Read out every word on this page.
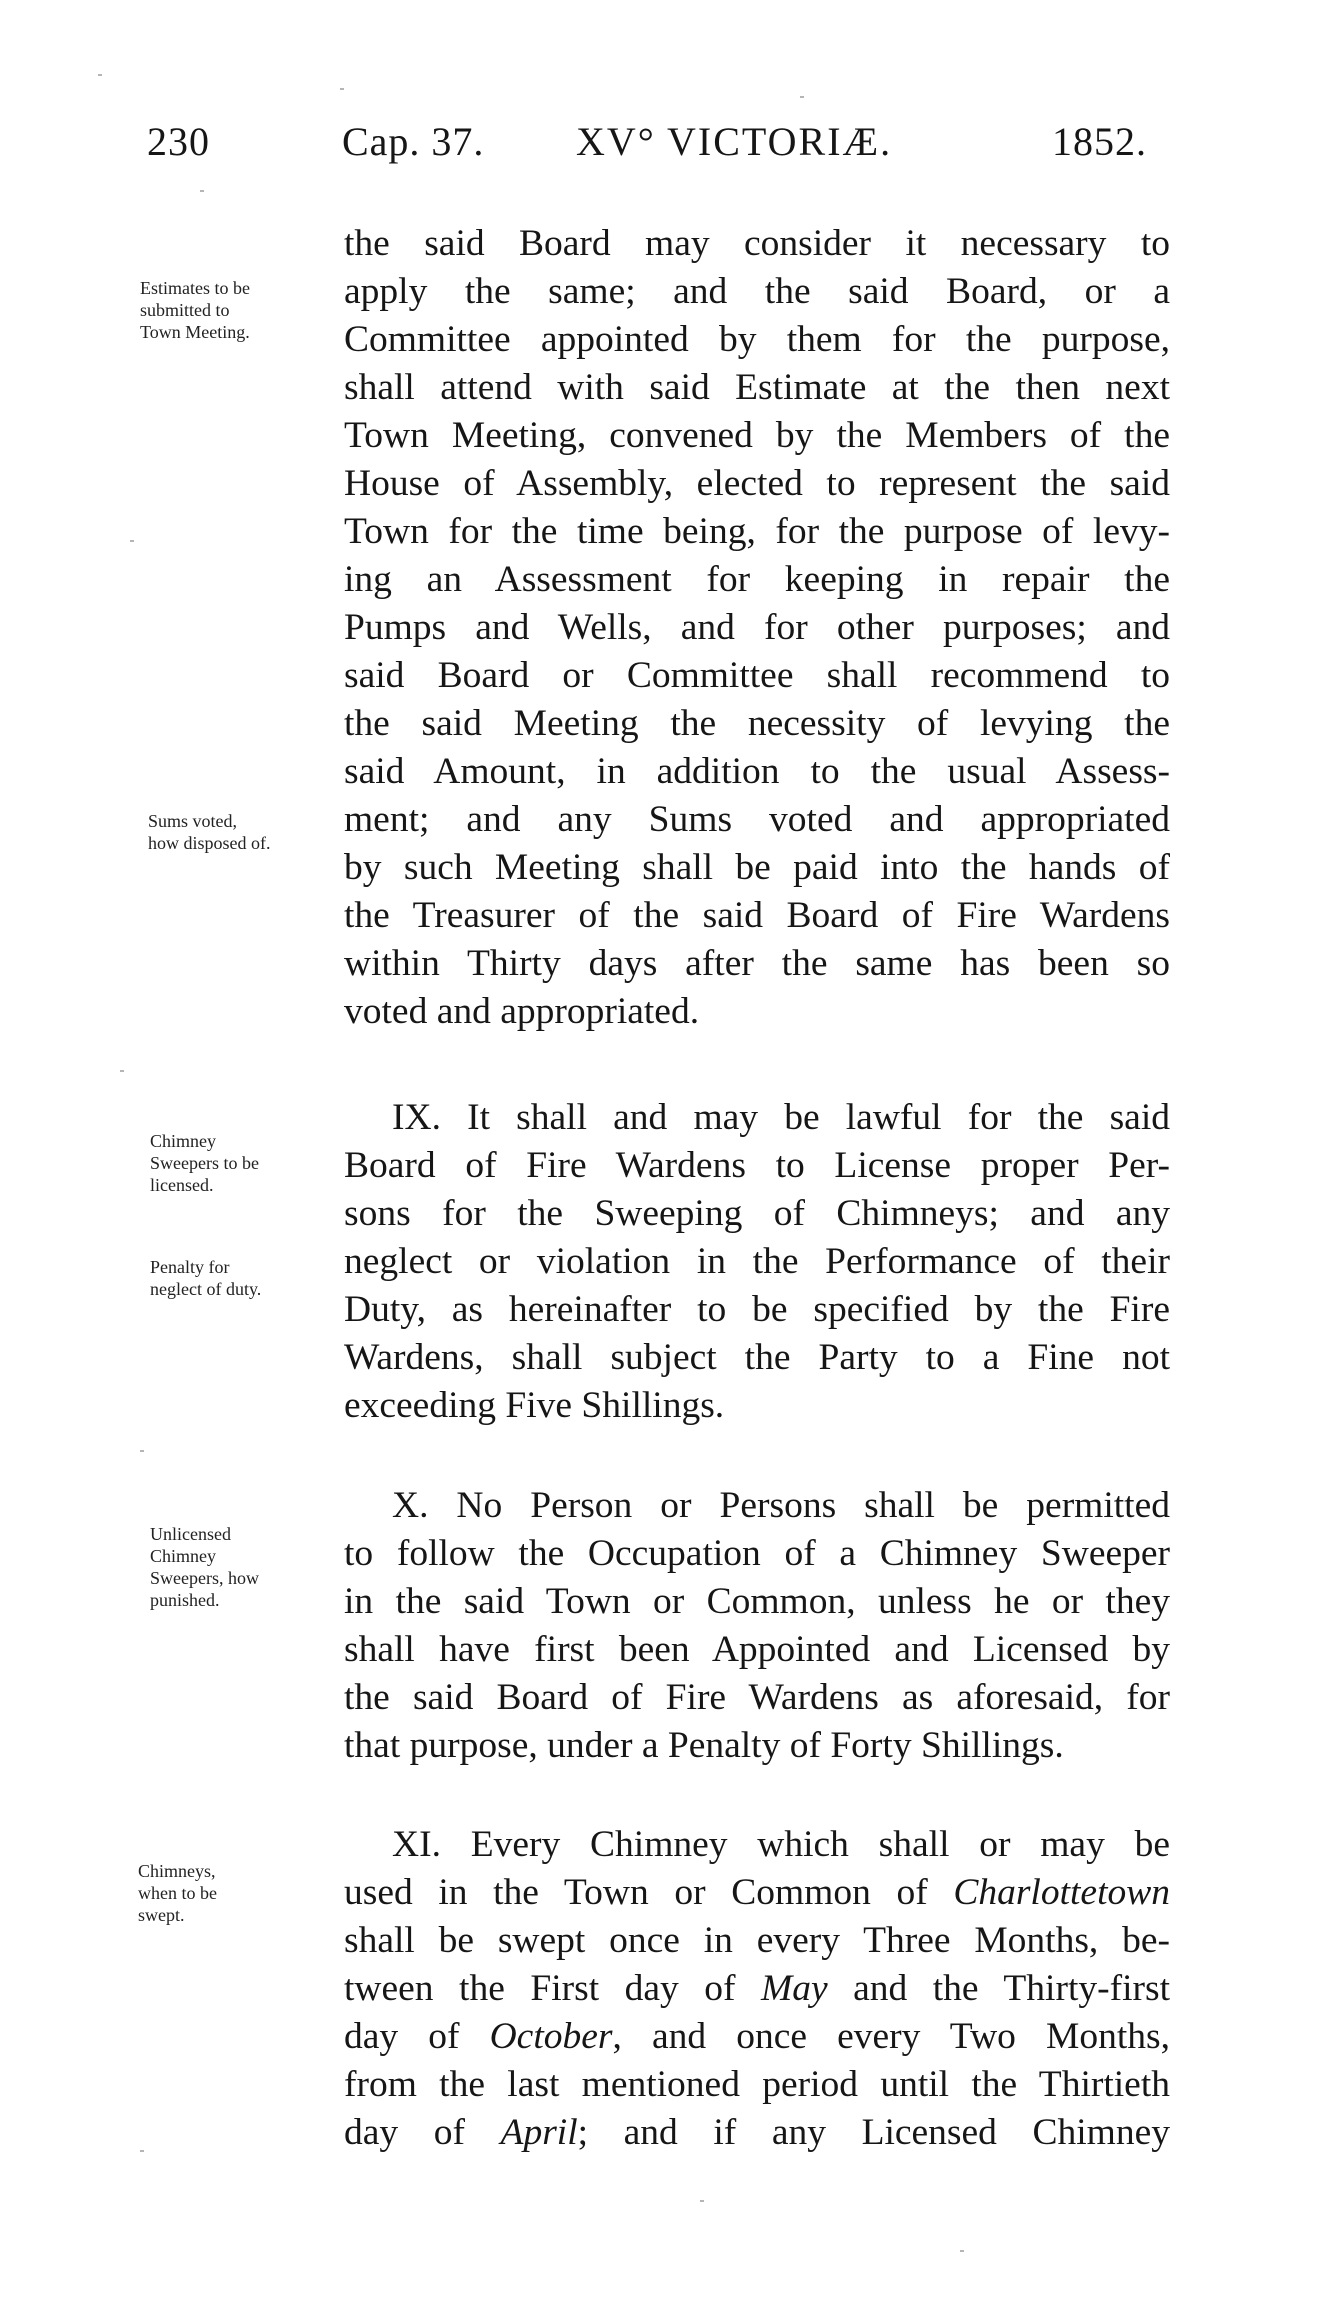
230	Cap. 37. XV° VICTORIÆ.	1852.
the said Board may consider it necessary to
apply the same; and the said Board, or a
Committee appointed by them for the purpose,
shall attend with said Estimate at the then next
Town Meeting, convened by the Members of the
House of Assembly, elected to represent the said
Town for the time being, for the purpose of levy-
ing an Assessment for keeping in repair the
Pumps and Wells, and for other purposes; and
said Board or Committee shall recommend to
the said Meeting the necessity of levying the
said Amount, in addition to the usual Assess-
ment; and any Sums voted and appropriated
by such Meeting shall be paid into the hands of
the Treasurer of the said Board of Fire Wardens
within Thirty days after the same has been so
voted and appropriated.
IX. It shall and may be lawful for the said
Board of Fire Wardens to License proper Per-
sons for the Sweeping of Chimneys; and any
neglect or violation in the Performance of their
Duty, as hereinafter to be specified by the Fire
Wardens, shall subject the Party to a Fine not
exceeding Five Shillings.
X. No Person or Persons shall be permitted
to follow the Occupation of a Chimney Sweeper
in the said Town or Common, unless he or they
shall have first been Appointed and Licensed by
the said Board of Fire Wardens as aforesaid, for
that purpose, under a Penalty of Forty Shillings.
XI. Every Chimney which shall or may be
used in the Town or Common of Charlottetown
shall be swept once in every Three Months, be-
tween the First day of May and the Thirty-first
day of October, and once every Two Months,
from the last mentioned period until the Thirtieth
day of April; and if any Licensed Chimney
Estimates to be
submitted to
Town Meeting.
Sums voted,
how disposed of.
Chimney
Sweepers to be
licensed.
Penalty for
neglect of duty.
Unlicensed
Chimney
Sweepers, how
punished.
Chimneys,
when to be
swept.
